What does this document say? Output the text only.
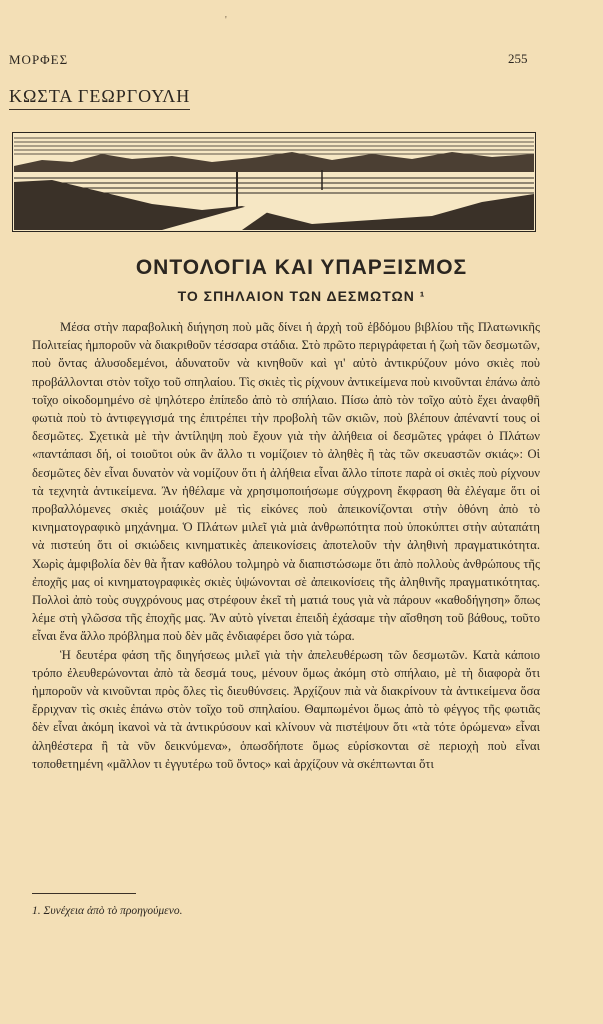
'
ΜΟΡΦΕΣ	255
ΚΩΣΤΑ ΓΕΩΡΓΟΥΛΗ
ΟΝΤΟΛΟΓΙΑ ΚΑΙ ΥΠΑΡΞΙΣΜΟΣ
ΤΟ ΣΠΗΛΑΙΟΝ ΤΩΝ ΔΕΣΜΩΤΩΝ ¹

Μέσα στὴν παραβολικὴ διήγηση ποὺ μᾶς δίνει ἡ ἀρχὴ τοῦ ἑβδόμου βιβλίου τῆς Πλατωνικῆς Πολιτείας ἠμποροῦν νὰ διακριθοῦν τέσσαρα στάδια. Στὸ πρῶτο περιγράφεται ἡ ζωὴ τῶν δεσμωτῶν, ποὺ ὄντας ἁλυσοδεμένοι, ἀδυνατοῦν νὰ κινηθοῦν καὶ γι' αὐτὸ ἀντικρύζουν μόνο σκιὲς ποὺ προβάλλονται στὸν τοῖχο τοῦ σπηλαίου. Τὶς σκιὲς τὶς ρίχνουν ἀντικείμενα ποὺ κινοῦνται ἐπάνω ἀπὸ τοῖχο οἰκοδομημένο σὲ ψηλότερο ἐπίπεδο ἀπὸ τὸ σπήλαιο. Πίσω ἀπὸ τὸν τοῖχο αὐτὸ ἔχει ἀναφθῆ φωτιὰ ποὺ τὸ ἀντιφεγγισμά της ἐπιτρέπει τὴν προβολὴ τῶν σκιῶν, ποὺ βλέπουν ἀπέναντί τους οἱ δεσμῶτες. Σχετικὰ μὲ τὴν ἀντίληψη ποὺ ἔχουν γιὰ τὴν ἀλήθεια οἱ δεσμῶτες γράφει ὁ Πλάτων «παντάπασι δή, οἱ τοιοῦτοι οὐκ ἂν ἄλλο τι νομίζοιεν τὸ ἀληθὲς ἢ τὰς τῶν σκευαστῶν σκιάς»: Οἱ δεσμῶτες δὲν εἶναι δυνατὸν νὰ νομίζουν ὅτι ἡ ἀλήθεια εἶναι ἄλλο τίποτε παρὰ οἱ σκιὲς ποὺ ρίχνουν τὰ τεχνητὰ ἀντικείμενα. Ἂν ἠθέλαμε νὰ χρησιμοποιήσωμε σύγχρονη ἔκφραση θὰ ἐλέγαμε ὅτι οἱ προβαλλόμενες σκιὲς μοιάζουν μὲ τὶς εἰκόνες ποὺ ἀπεικονίζονται στὴν ὀθόνη ἀπὸ τὸ κινηματογραφικὸ μηχάνημα. Ὁ Πλάτων μιλεῖ γιὰ μιὰ ἀνθρωπότητα ποὺ ὑποκύπτει στὴν αὐταπάτη νὰ πιστεύη ὅτι οἱ σκιώδεις κινηματικὲς ἀπεικονίσεις ἀποτελοῦν τὴν ἀληθινὴ πραγματικότητα. Χωρὶς ἀμφιβολία δὲν θὰ ἦταν καθόλου τολμηρὸ νὰ διαπιστώσωμε ὅτι ἀπὸ πολλοὺς ἀνθρώπους τῆς ἐποχῆς μας οἱ κινηματογραφικὲς σκιὲς ὑψώνονται σὲ ἀπεικονίσεις τῆς ἀληθινῆς πραγματικότητας. Πολλοὶ ἀπὸ τοὺς συγχρόνους μας στρέφουν ἐκεῖ τὴ ματιά τους γιὰ νὰ πάρουν «καθοδήγηση» ὅπως λέμε στὴ γλῶσσα τῆς ἐποχῆς μας. Ἂν αὐτὸ γίνεται ἐπειδὴ ἐχάσαμε τὴν αἴσθηση τοῦ βάθους, τοῦτο εἶναι ἕνα ἄλλο πρόβλημα ποὺ δὲν μᾶς ἐνδιαφέρει ὅσο γιὰ τώρα.

Ἡ δευτέρα φάση τῆς διηγήσεως μιλεῖ γιὰ τὴν ἀπελευθέρωση τῶν δεσμωτῶν. Κατὰ κάποιο τρόπο ἐλευθερώνονται ἀπὸ τὰ δεσμά τους, μένουν ὅμως ἀκόμη στὸ σπήλαιο, μὲ τὴ διαφορὰ ὅτι ἠμποροῦν νὰ κινοῦνται πρὸς ὅλες τὶς διευθύνσεις. Ἀρχίζουν πιὰ νὰ διακρίνουν τὰ ἀντικείμενα ὅσα ἔρριχναν τὶς σκιὲς ἐπάνω στὸν τοῖχο τοῦ σπηλαίου. Θαμπωμένοι ὅμως ἀπὸ τὸ φέγγος τῆς φωτιᾶς δὲν εἶναι ἀκόμη ἱκανοὶ νὰ τὰ ἀντικρύσουν καὶ κλίνουν νὰ πιστέψουν ὅτι «τὰ τότε ὁρώμενα» εἶναι ἀληθέστερα ἢ τὰ νῦν δεικνύμενα», ὁπωσδήποτε ὅμως εὑρίσκονται σὲ περιοχὴ ποὺ εἶναι τοποθετημένη «μᾶλλον τι ἐγγυτέρω τοῦ ὄντος» καὶ ἀρχίζουν νὰ σκέπτωνται ὅτι

1. Συνέχεια ἀπὸ τὸ προηγούμενο.
